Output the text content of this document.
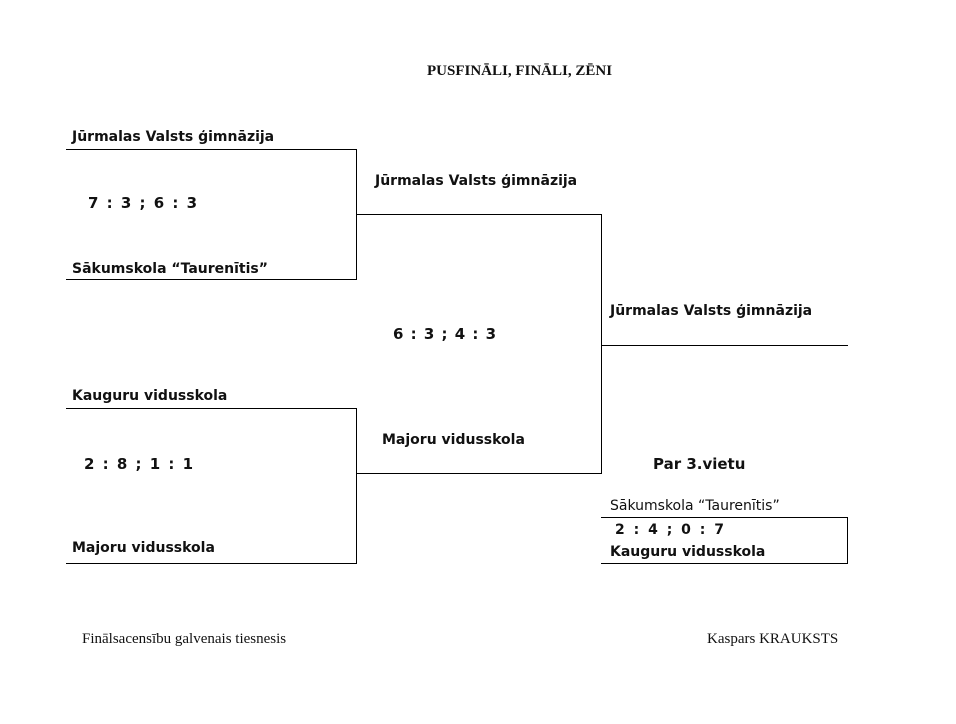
PUSFINĀLI, FINĀLI, ZĒNI
Jūrmalas Valsts ģimnāzija
7 : 3 ; 6 : 3
Sākumskola “Taurenītis”
Jūrmalas Valsts ģimnāzija
Kauguru vidusskola
2 : 8 ; 1 : 1
Majoru vidusskola
Majoru vidusskola
6 : 3 ; 4 : 3
Jūrmalas Valsts ģimnāzija
Par 3.vietu
Sākumskola “Taurenītis”
2 : 4 ; 0 : 7
Kauguru vidusskola
Finālsacensību galvenais tiesnesis	Kaspars KRAUKSTS
